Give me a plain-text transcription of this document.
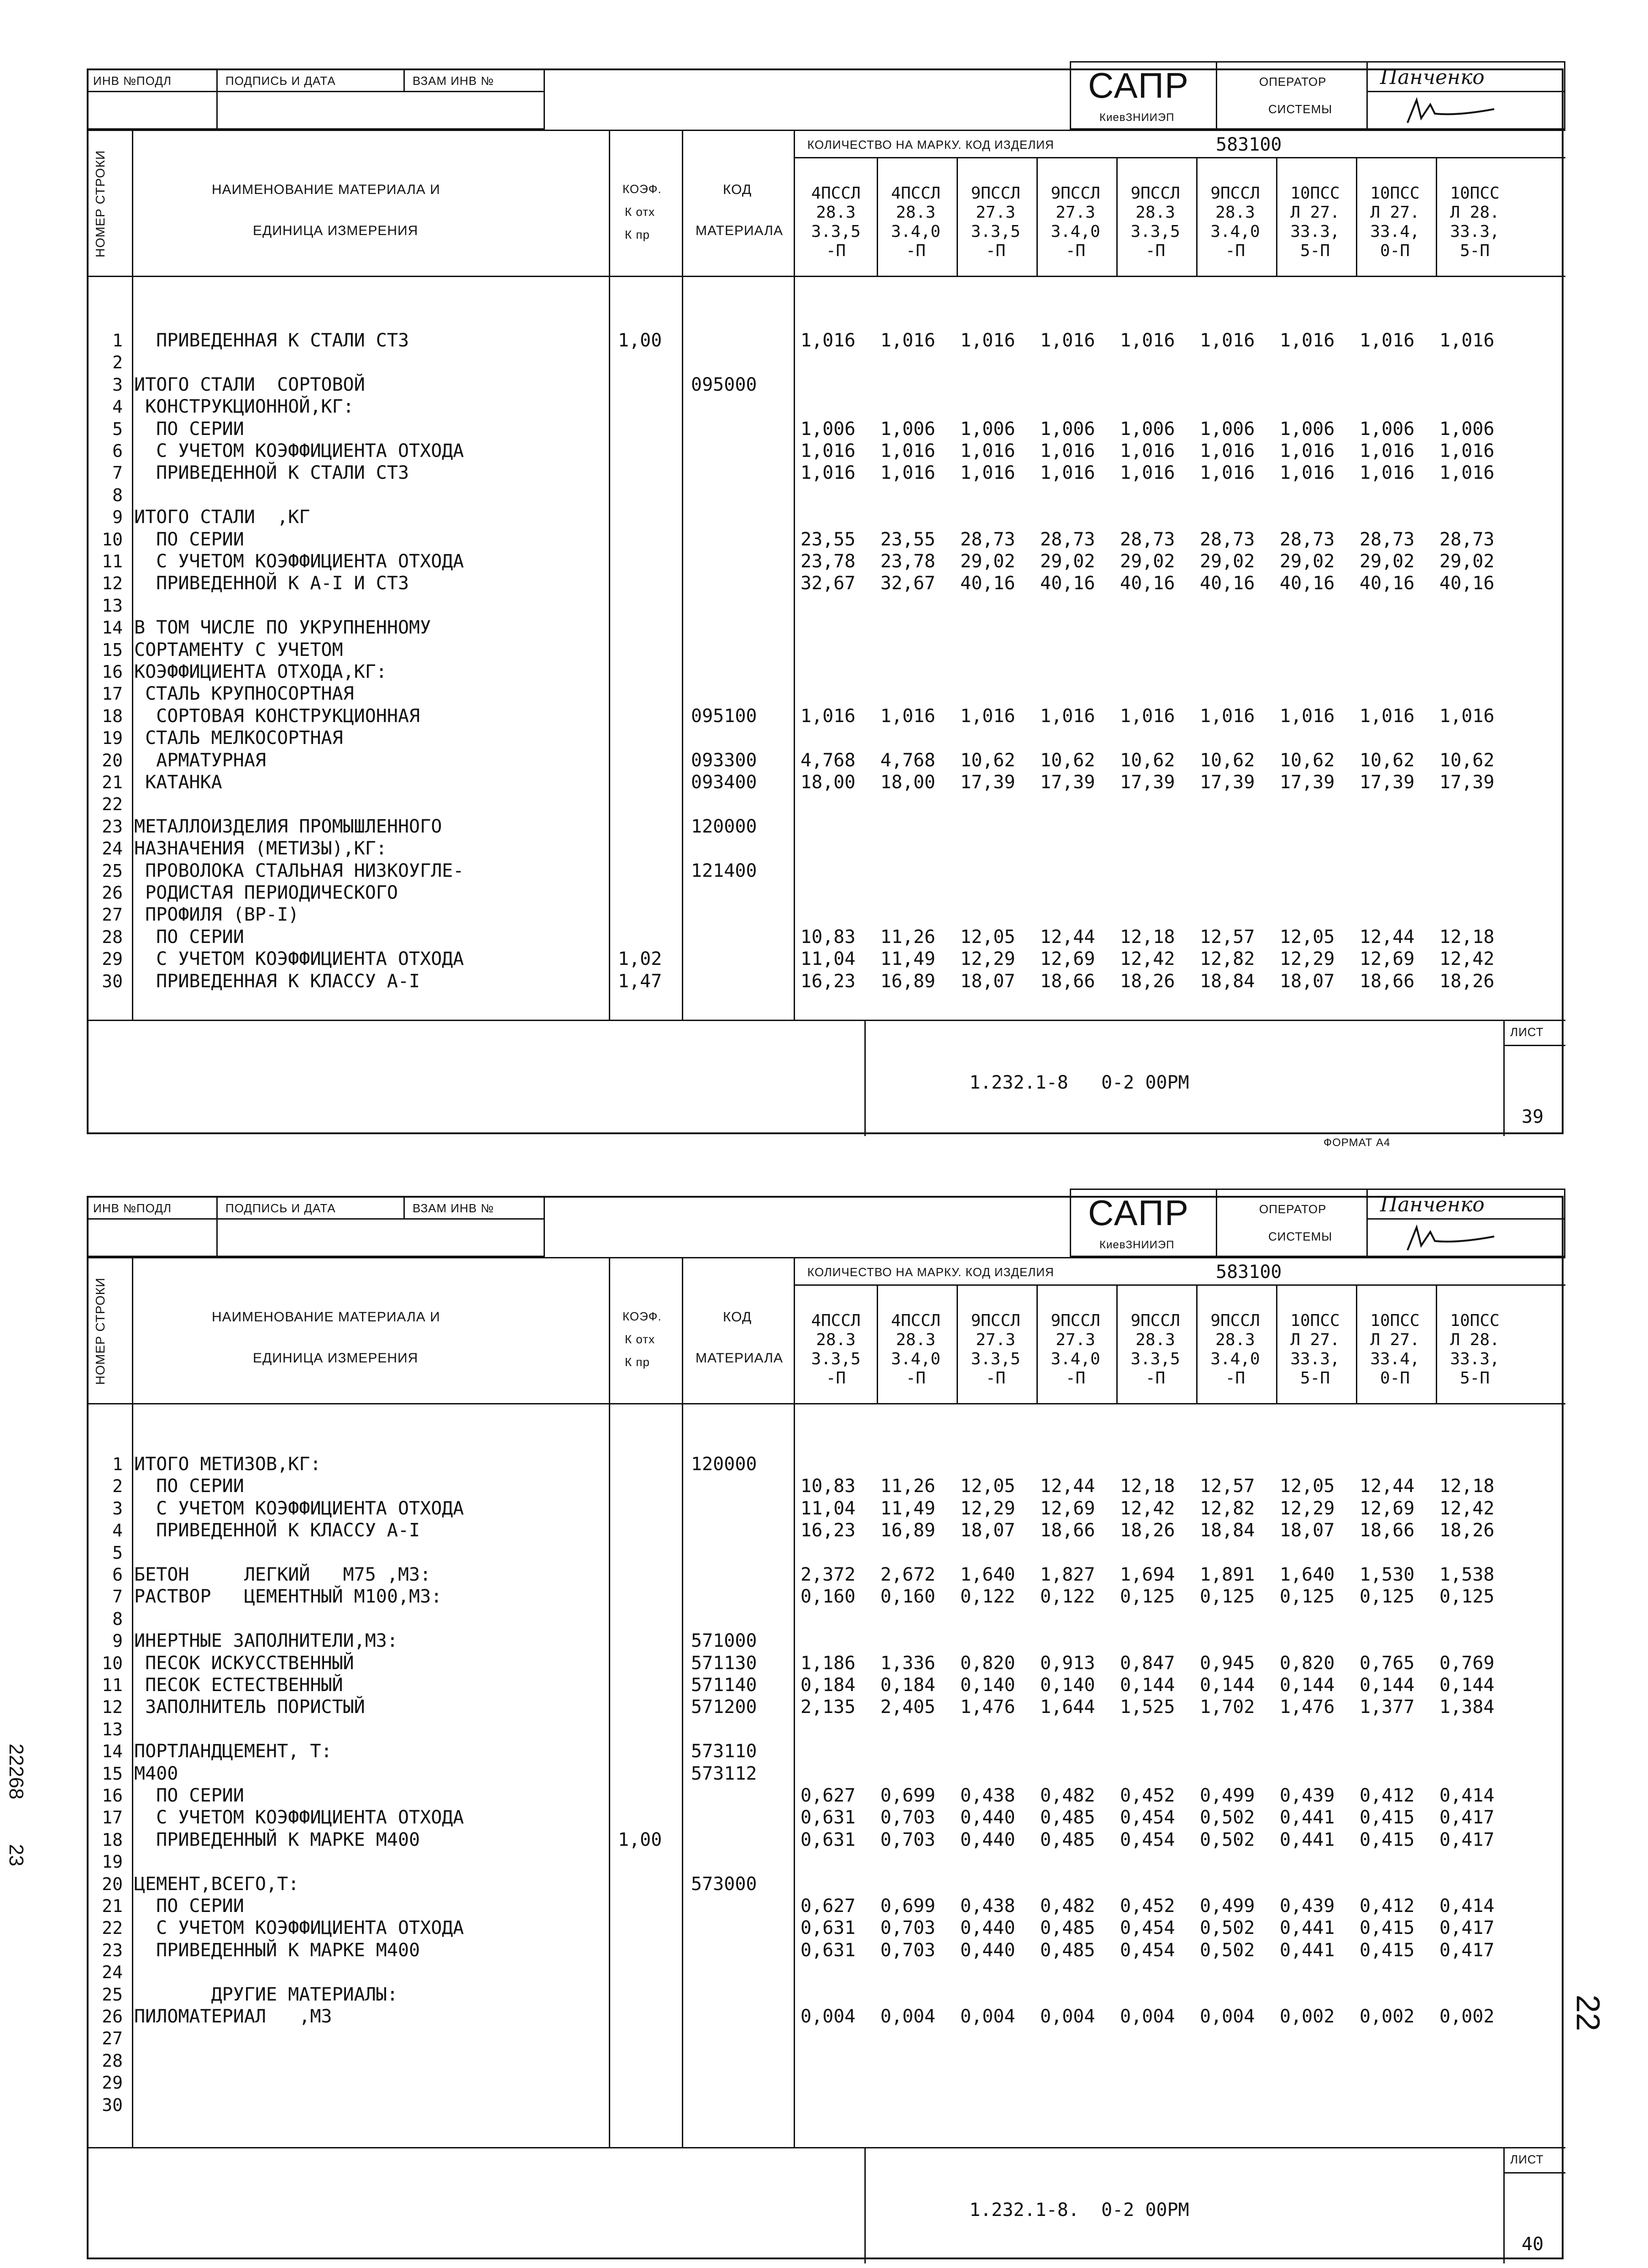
22268
23
22
ФОРМАТ А4
ИНВ №ПОДЛ	ПОДПИСЬ И ДАТА	ВЗАМ ИНВ №	САПР
КиевЗНИИЭП
ОПЕРАТОР
СИСТЕМЫ
Панченко
НОМЕР СТРОКИ	НАИМЕНОВАНИЕ МАТЕРИАЛА И
ЕДИНИЦА ИЗМЕРЕНИЯ
КОЭФ.
К отх
К пр
КОД
МАТЕРИАЛА
КОЛИЧЕСТВО НА МАРКУ. КОД ИЗДЕЛИЯ	583100
4ПССЛ
28.3
3.3,5
-П
4ПССЛ
28.3
3.4,0
-П
9ПССЛ
27.3
3.3,5
-П
9ПССЛ
27.3
3.4,0
-П
9ПССЛ
28.3
3.3,5
-П
9ПССЛ
28.3
3.4,0
-П
10ПСС
Л 27.
33.3,
5-П
10ПСС
Л 27.
33.4,
0-П
10ПСС
Л 28.
33.3,
5-П
1 ПРИВЕДЕННАЯ К СТАЛИ СТ3	1,00	1,016 1,016 1,016 1,016 1,016 1,016 1,016 1,016 1,016
2
3 ИТОГО СТАЛИ  СОРТОВОЙ	095000
4 КОНСТРУКЦИОННОЙ,КГ:
5 ПО СЕРИИ	1,006 1,006 1,006 1,006 1,006 1,006 1,006 1,006 1,006
6 С УЧЕТОМ КОЭФФИЦИЕНТА ОТХОДА	1,016 1,016 1,016 1,016 1,016 1,016 1,016 1,016 1,016
7 ПРИВЕДЕННОЙ К СТАЛИ СТ3	1,016 1,016 1,016 1,016 1,016 1,016 1,016 1,016 1,016
8
9 ИТОГО СТАЛИ  ,КГ
10 ПО СЕРИИ	23,55 23,55 28,73 28,73 28,73 28,73 28,73 28,73 28,73
11 С УЧЕТОМ КОЭФФИЦИЕНТА ОТХОДА	23,78 23,78 29,02 29,02 29,02 29,02 29,02 29,02 29,02
12 ПРИВЕДЕННОЙ К А-I И СТ3	32,67 32,67 40,16 40,16 40,16 40,16 40,16 40,16 40,16
13
14 В ТОМ ЧИСЛЕ ПО УКРУПНЕННОМУ
15 СОРТАМЕНТУ С УЧЕТОМ
16 КОЭФФИЦИЕНТА ОТХОДА,КГ:
17 СТАЛЬ КРУПНОСОРТНАЯ
18 СОРТОВАЯ КОНСТРУКЦИОННАЯ	095100 1,016 1,016 1,016 1,016 1,016 1,016 1,016 1,016 1,016
19 СТАЛЬ МЕЛКОСОРТНАЯ
20 АРМАТУРНАЯ	093300 4,768 4,768 10,62 10,62 10,62 10,62 10,62 10,62 10,62
21 КАТАНКА	093400 18,00 18,00 17,39 17,39 17,39 17,39 17,39 17,39 17,39
22
23 МЕТАЛЛОИЗДЕЛИЯ ПРОМЫШЛЕННОГО	120000
24 НАЗНАЧЕНИЯ (МЕТИЗЫ),КГ:
25 ПРОВОЛОКА СТАЛЬНАЯ НИЗКОУГЛЕ-	121400
26 РОДИСТАЯ ПЕРИОДИЧЕСКОГО
27 ПРОФИЛЯ (ВР-I)
28 ПО СЕРИИ	10,83 11,26 12,05 12,44 12,18 12,57 12,05 12,44 12,18
29 С УЧЕТОМ КОЭФФИЦИЕНТА ОТХОДА	1,02	11,04 11,49 12,29 12,69 12,42 12,82 12,29 12,69 12,42
30 ПРИВЕДЕННАЯ К КЛАССУ А-I	1,47	16,23 16,89 18,07 18,66 18,26 18,84 18,07 18,66 18,26
1.232.1-8   0-2 00РМ
ЛИСТ
39
ИНВ №ПОДЛ	ПОДПИСЬ И ДАТА	ВЗАМ ИНВ №	САПР
КиевЗНИИЭП
ОПЕРАТОР
СИСТЕМЫ
Панченко
НОМЕР СТРОКИ	НАИМЕНОВАНИЕ МАТЕРИАЛА И
ЕДИНИЦА ИЗМЕРЕНИЯ
КОЭФ.
К отх
К пр
КОД
МАТЕРИАЛА
КОЛИЧЕСТВО НА МАРКУ. КОД ИЗДЕЛИЯ	583100
4ПССЛ
28.3
3.3,5
-П
4ПССЛ
28.3
3.4,0
-П
9ПССЛ
27.3
3.3,5
-П
9ПССЛ
27.3
3.4,0
-П
9ПССЛ
28.3
3.3,5
-П
9ПССЛ
28.3
3.4,0
-П
10ПСС
Л 27.
33.3,
5-П
10ПСС
Л 27.
33.4,
0-П
10ПСС
Л 28.
33.3,
5-П
1 ИТОГО МЕТИЗОВ,КГ:	120000
2 ПО СЕРИИ	10,83 11,26 12,05 12,44 12,18 12,57 12,05 12,44 12,18
3 С УЧЕТОМ КОЭФФИЦИЕНТА ОТХОДА	11,04 11,49 12,29 12,69 12,42 12,82 12,29 12,69 12,42
4 ПРИВЕДЕННОЙ К КЛАССУ А-I	16,23 16,89 18,07 18,66 18,26 18,84 18,07 18,66 18,26
5
6 БЕТОН     ЛЕГКИЙ   М75 ,М3:	2,372 2,672 1,640 1,827 1,694 1,891 1,640 1,530 1,538
7 РАСТВОР   ЦЕМЕНТНЫЙ М100,М3:	0,160 0,160 0,122 0,122 0,125 0,125 0,125 0,125 0,125
8
9 ИНЕРТНЫЕ ЗАПОЛНИТЕЛИ,М3:	571000
10 ПЕСОК ИСКУССТВЕННЫЙ	571130 1,186 1,336 0,820 0,913 0,847 0,945 0,820 0,765 0,769
11 ПЕСОК ЕСТЕСТВЕННЫЙ	571140 0,184 0,184 0,140 0,140 0,144 0,144 0,144 0,144 0,144
12 ЗАПОЛНИТЕЛЬ ПОРИСТЫЙ	571200 2,135 2,405 1,476 1,644 1,525 1,702 1,476 1,377 1,384
13
14 ПОРТЛАНДЦЕМЕНТ, Т:	573110
15 М400	573112
16 ПО СЕРИИ	0,627 0,699 0,438 0,482 0,452 0,499 0,439 0,412 0,414
17 С УЧЕТОМ КОЭФФИЦИЕНТА ОТХОДА	0,631 0,703 0,440 0,485 0,454 0,502 0,441 0,415 0,417
18 ПРИВЕДЕННЫЙ К МАРКЕ М400	1,00	0,631 0,703 0,440 0,485 0,454 0,502 0,441 0,415 0,417
19
20 ЦЕМЕНТ,ВСЕГО,Т:	573000
21 ПО СЕРИИ	0,627 0,699 0,438 0,482 0,452 0,499 0,439 0,412 0,414
22 С УЧЕТОМ КОЭФФИЦИЕНТА ОТХОДА	0,631 0,703 0,440 0,485 0,454 0,502 0,441 0,415 0,417
23 ПРИВЕДЕННЫЙ К МАРКЕ М400	0,631 0,703 0,440 0,485 0,454 0,502 0,441 0,415 0,417
24
25 ДРУГИЕ МАТЕРИАЛЫ:
26 ПИЛОМАТЕРИАЛ   ,М3	0,004 0,004 0,004 0,004 0,004 0,004 0,002 0,002 0,002
27
28
29
30
1.232.1-8.  0-2 00РМ
ЛИСТ
40
